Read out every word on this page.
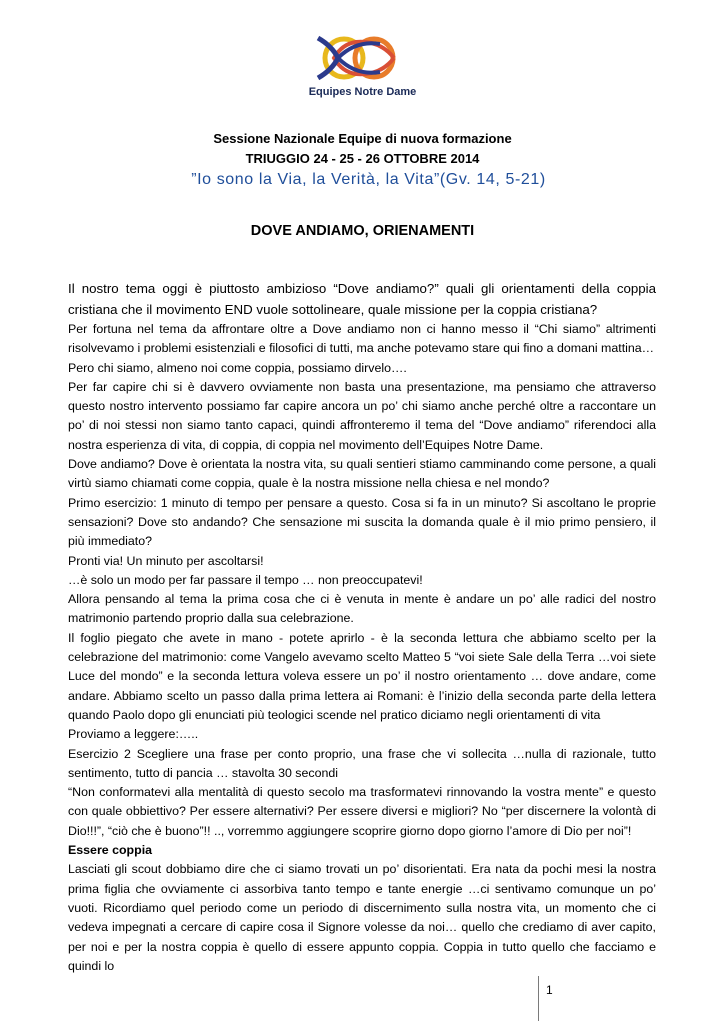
Equipes Notre Dame
Sessione Nazionale Equipe di nuova formazione
TRIUGGIO 24 - 25 - 26 OTTOBRE 2014
”Io sono la Via, la Verità, la Vita”(Gv. 14, 5-21)
DOVE ANDIAMO, ORIENAMENTI

Il nostro tema oggi è piuttosto ambizioso “Dove andiamo?” quali gli orientamenti della coppia cristiana che il movimento END vuole sottolineare, quale missione per la coppia cristiana?

Per fortuna nel tema da affrontare oltre a Dove andiamo non ci hanno messo il “Chi siamo” altrimenti risolvevamo i problemi esistenziali e filosofici di tutti, ma anche potevamo stare qui fino a domani mattina…

Pero chi siamo, almeno noi come coppia, possiamo dirvelo….

Per far capire chi si è davvero ovviamente non basta una presentazione, ma pensiamo che attraverso questo nostro intervento possiamo far capire ancora un po’ chi siamo anche perché oltre a raccontare un po’ di noi stessi non siamo tanto capaci, quindi affronteremo il tema del “Dove andiamo” riferendoci alla nostra esperienza di vita, di coppia, di coppia nel movimento dell’Equipes Notre Dame.

Dove andiamo? Dove è orientata la nostra vita, su quali sentieri stiamo camminando come persone, a quali virtù siamo chiamati come coppia, quale è la nostra missione nella chiesa e nel mondo?

Primo esercizio: 1 minuto di tempo per pensare a questo. Cosa si fa in un minuto? Si ascoltano le proprie sensazioni? Dove sto andando? Che sensazione mi suscita la domanda quale è il mio primo pensiero, il più immediato?

Pronti via! Un minuto per ascoltarsi!

…è solo un modo per far passare il tempo … non preoccupatevi!

Allora pensando al tema la prima cosa che ci è venuta in mente è andare un po’ alle radici del nostro matrimonio partendo proprio dalla sua celebrazione.

Il foglio piegato che avete in mano - potete aprirlo - è la seconda lettura che abbiamo scelto per la celebrazione del matrimonio: come Vangelo avevamo scelto Matteo 5 “voi siete Sale della Terra …voi siete Luce del mondo” e la seconda lettura voleva essere un po’ il nostro orientamento … dove andare, come andare. Abbiamo scelto un passo dalla prima lettera ai Romani: è l’inizio della seconda parte della lettera quando Paolo dopo gli enunciati più teologici scende nel pratico diciamo negli orientamenti di vita

Proviamo a leggere:…..

Esercizio 2 Scegliere una frase per conto proprio, una frase che vi sollecita …nulla di razionale, tutto sentimento, tutto di pancia … stavolta 30 secondi

“Non conformatevi alla mentalità di questo secolo ma trasformatevi rinnovando la vostra mente” e questo con quale obbiettivo? Per essere alternativi? Per essere diversi e migliori? No “per discernere la volontà di Dio!!!”, “ciò che è buono”!! .., vorremmo aggiungere scoprire giorno dopo giorno l’amore di Dio per noi”!

Essere coppia

Lasciati gli scout dobbiamo dire che ci siamo trovati un po’ disorientati. Era nata da pochi mesi la nostra prima figlia che ovviamente ci assorbiva tanto tempo e tante energie …ci sentivamo comunque un po’ vuoti. Ricordiamo quel periodo come un periodo di discernimento sulla nostra vita, un momento che ci vedeva impegnati a cercare di capire cosa il Signore volesse da noi… quello che crediamo di aver capito, per noi e per la nostra coppia è quello di essere appunto coppia. Coppia in tutto quello che facciamo e quindi lo

1
